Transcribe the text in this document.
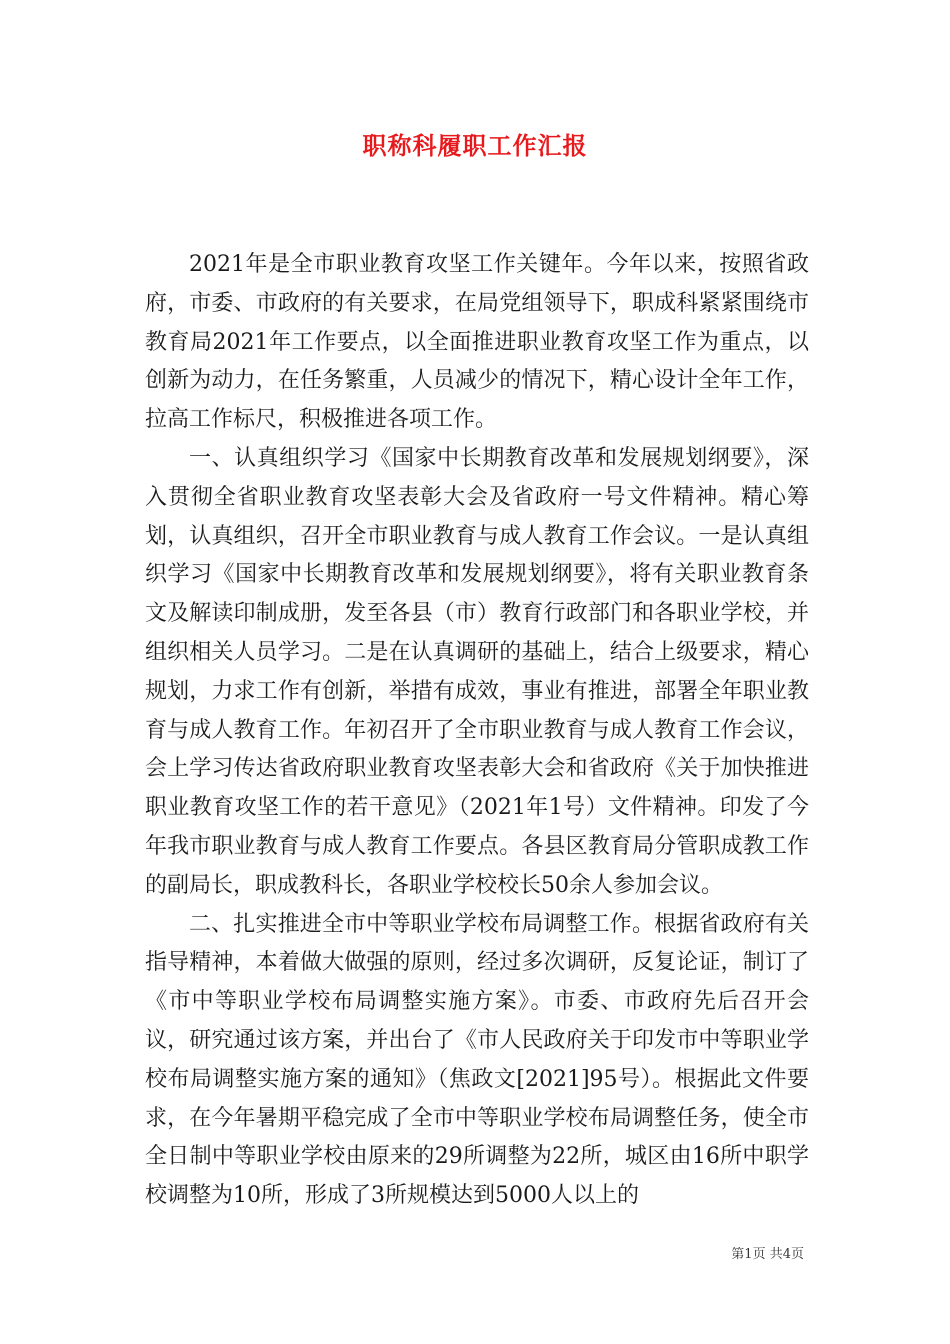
职称科履职工作汇报

2021年是全市职业教育攻坚工作关键年。今年以来，按照省政府，市委、市政府的有关要求，在局党组领导下，职成科紧紧围绕市教育局2021年工作要点，以全面推进职业教育攻坚工作为重点，以创新为动力，在任务繁重，人员减少的情况下，精心设计全年工作，拉高工作标尺，积极推进各项工作。

一、认真组织学习《国家中长期教育改革和发展规划纲要》，深入贯彻全省职业教育攻坚表彰大会及省政府一号文件精神。精心筹划，认真组织，召开全市职业教育与成人教育工作会议。一是认真组织学习《国家中长期教育改革和发展规划纲要》，将有关职业教育条文及解读印制成册，发至各县（市）教育行政部门和各职业学校，并组织相关人员学习。二是在认真调研的基础上，结合上级要求，精心规划，力求工作有创新，举措有成效，事业有推进，部署全年职业教育与成人教育工作。年初召开了全市职业教育与成人教育工作会议，会上学习传达省政府职业教育攻坚表彰大会和省政府《关于加快推进职业教育攻坚工作的若干意见》（2021年1号）文件精神。印发了今年我市职业教育与成人教育工作要点。各县区教育局分管职成教工作的副局长，职成教科长，各职业学校校长50余人参加会议。

二、扎实推进全市中等职业学校布局调整工作。根据省政府有关指导精神，本着做大做强的原则，经过多次调研，反复论证，制订了《市中等职业学校布局调整实施方案》。市委、市政府先后召开会议，研究通过该方案，并出台了《市人民政府关于印发市中等职业学校布局调整实施方案的通知》（焦政文[2021]95号）。根据此文件要求，在今年暑期平稳完成了全市中等职业学校布局调整任务，使全市全日制中等职业学校由原来的29所调整为22所，城区由16所中职学校调整为10所，形成了3所规模达到5000人以上的

第1页 共4页
